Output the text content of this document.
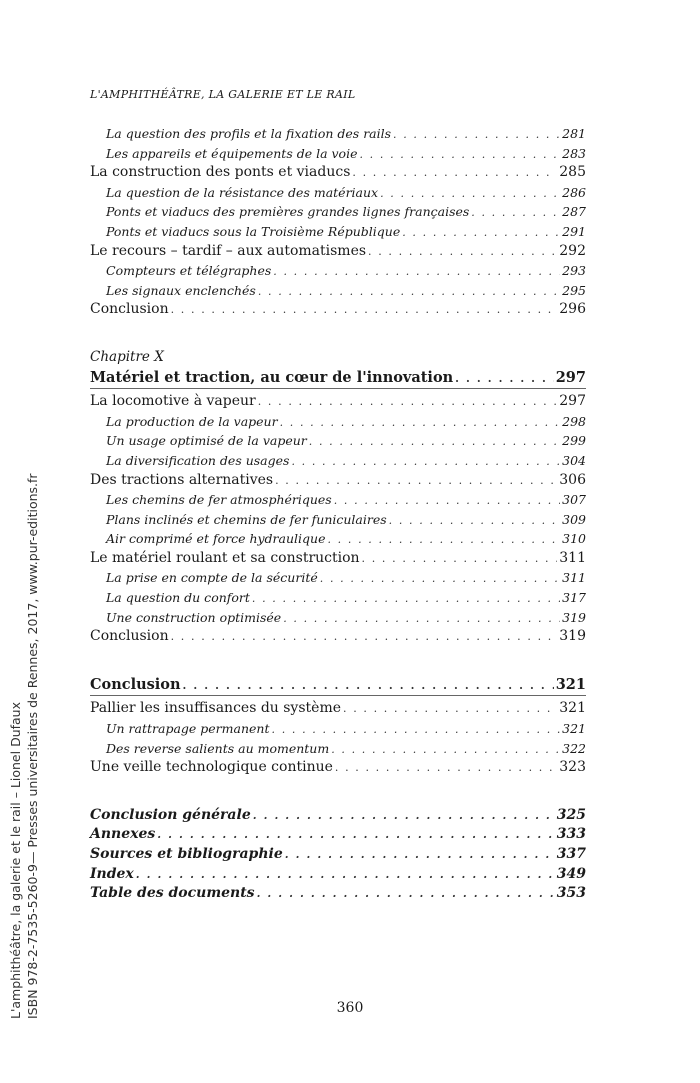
L'AMPHITHÉÂTRE, LA GALERIE ET LE RAIL
La question des profils et la fixation des rails . . .	281
Les appareils et équipements de la voie . . .	283
La construction des ponts et viaducs . . .	285
La question de la résistance des matériaux . . .	286
Ponts et viaducs des premières grandes lignes françaises . . .	287
Ponts et viaducs sous la Troisième République . . .	291
Le recours – tardif – aux automatismes . . .	292
Compteurs et télégraphes . . .	293
Les signaux enclenchés . . .	295
Conclusion . . .	296
Chapitre X
Matériel et traction, au cœur de l'innovation . . .	297
La locomotive à vapeur . . .	297
La production de la vapeur . . .	298
Un usage optimisé de la vapeur . . .	299
La diversification des usages . . .	304
Des tractions alternatives . . .	306
Les chemins de fer atmosphériques . . .	307
Plans inclinés et chemins de fer funiculaires . . .	309
Air comprimé et force hydraulique . . .	310
Le matériel roulant et sa construction . . .	311
La prise en compte de la sécurité . . .	311
La question du confort . . .	317
Une construction optimisée . . .	319
Conclusion . . .	319
Conclusion . . .	321
Pallier les insuffisances du système . . .	321
Un rattrapage permanent . . .	321
Des reverse salients au momentum . . .	322
Une veille technologique continue . . .	323
Conclusion générale . . .	325
Annexes . . .	333
Sources et bibliographie . . .	337
Index . . .	349
Table des documents . . .	353
360
L'amphithéâtre, la galerie et le rail – Lionel Dufaux ISBN 978-2-7535-5260-9— Presses universitaires de Rennes, 2017, www.pur-editions.fr
